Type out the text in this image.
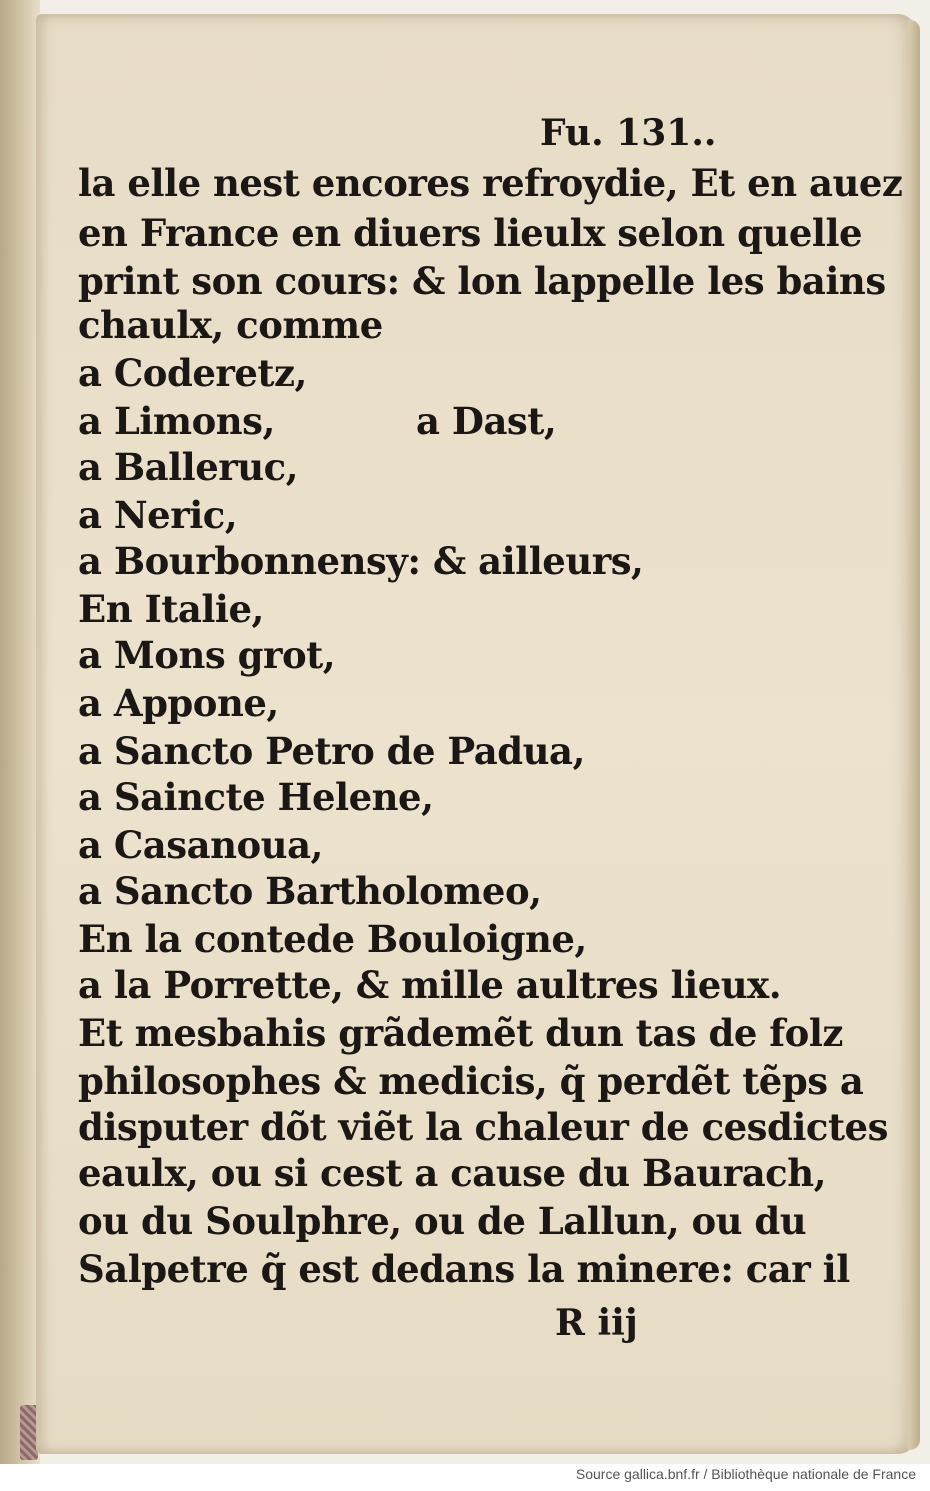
Fu. 131..
la elle nest encores refroydie, Et en auez
en France en diuers lieulx selon quelle
print son cours: & lon lappelle les bains
chaulx, comme
a Coderetz,
a Limons,	a Dast,
a Balleruc,
a Neric,
a Bourbonnensy: & ailleurs,
En Italie,
a Mons grot,
a Appone,
a Sancto Petro de Padua,
a Saincte Helene,
a Casanoua,
a Sancto Bartholomeo,
En la contede Bouloigne,
a la Porrette, & mille aultres lieux.
Et mesbahis grãdemẽt dun tas de folz
philosophes & medicis, q̃ perdẽt tẽps a
disputer dõt viẽt la chaleur de cesdictes
eaulx, ou si cest a cause du Baurach,
ou du Soulphre, ou de Lallun, ou du
Salpetre q̃ est dedans la minere: car il
R iij
Source gallica.bnf.fr / Bibliothèque nationale de France
